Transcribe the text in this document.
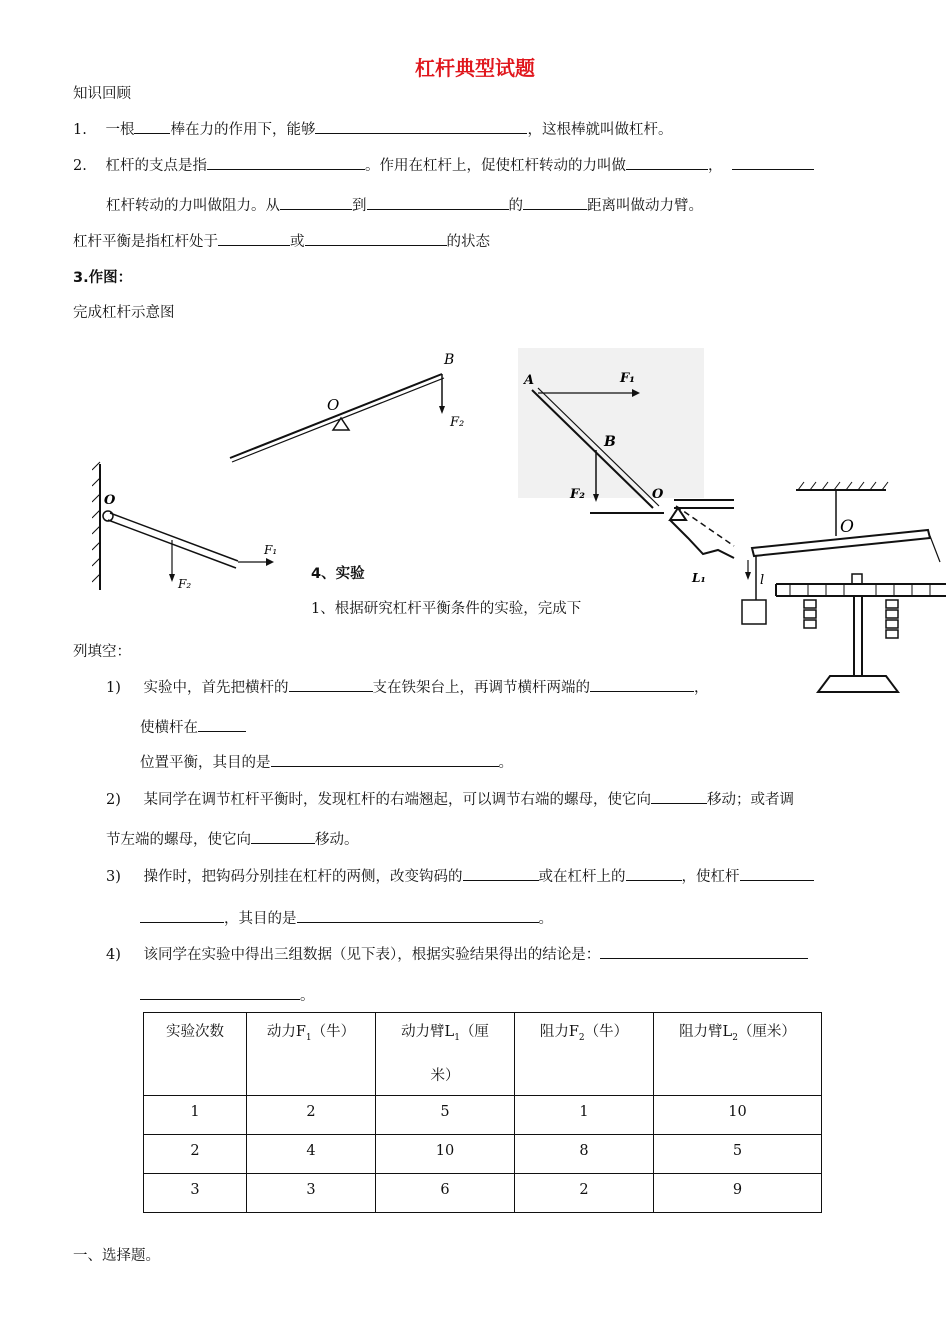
杠杆典型试题
知识回顾
1. 一根 棒在力的作用下，能够	，这根棒就叫做杠杆。
2. 杠杆的支点是指	。作用在杠杆上，促使杠杆转动的力叫做	，
杠杆转动的力叫做阻力。从	到	的	距离叫做动力臂。
杠杆平衡是指杠杆处于	或	的状态
3.作图：
完成杠杆示意图
B
O
F₂
A	F₁
B
F₂
O
F₁
F₂
O
L₁
O
l
4、实验
1、根据研究杠杆平衡条件的实验，完成下
列填空：
1) 实验中，首先把横杆的	支在铁架台上，再调节横杆两端的	，
使横杆在
位置平衡，其目的是	。
2) 某同学在调节杠杆平衡时，发现杠杆的右端翘起，可以调节右端的螺母，使它向	移动；或者调
节左端的螺母，使它向	移动。
3) 操作时，把钩码分别挂在杠杆的两侧，改变钩码的	或在杠杆上的	，使杠杆
，其目的是	。
4) 该同学在实验中得出三组数据（见下表），根据实验结果得出的结论是：
。
实验次数	动力$F_1$（牛）	动力臂$L_1$（厘
米）	阻力$F_2$（牛）	阻力臂$L_2$（厘米）
1	2	5	1	10
2	4	10	8	5
3	3	6	2	9
一、选择题。
